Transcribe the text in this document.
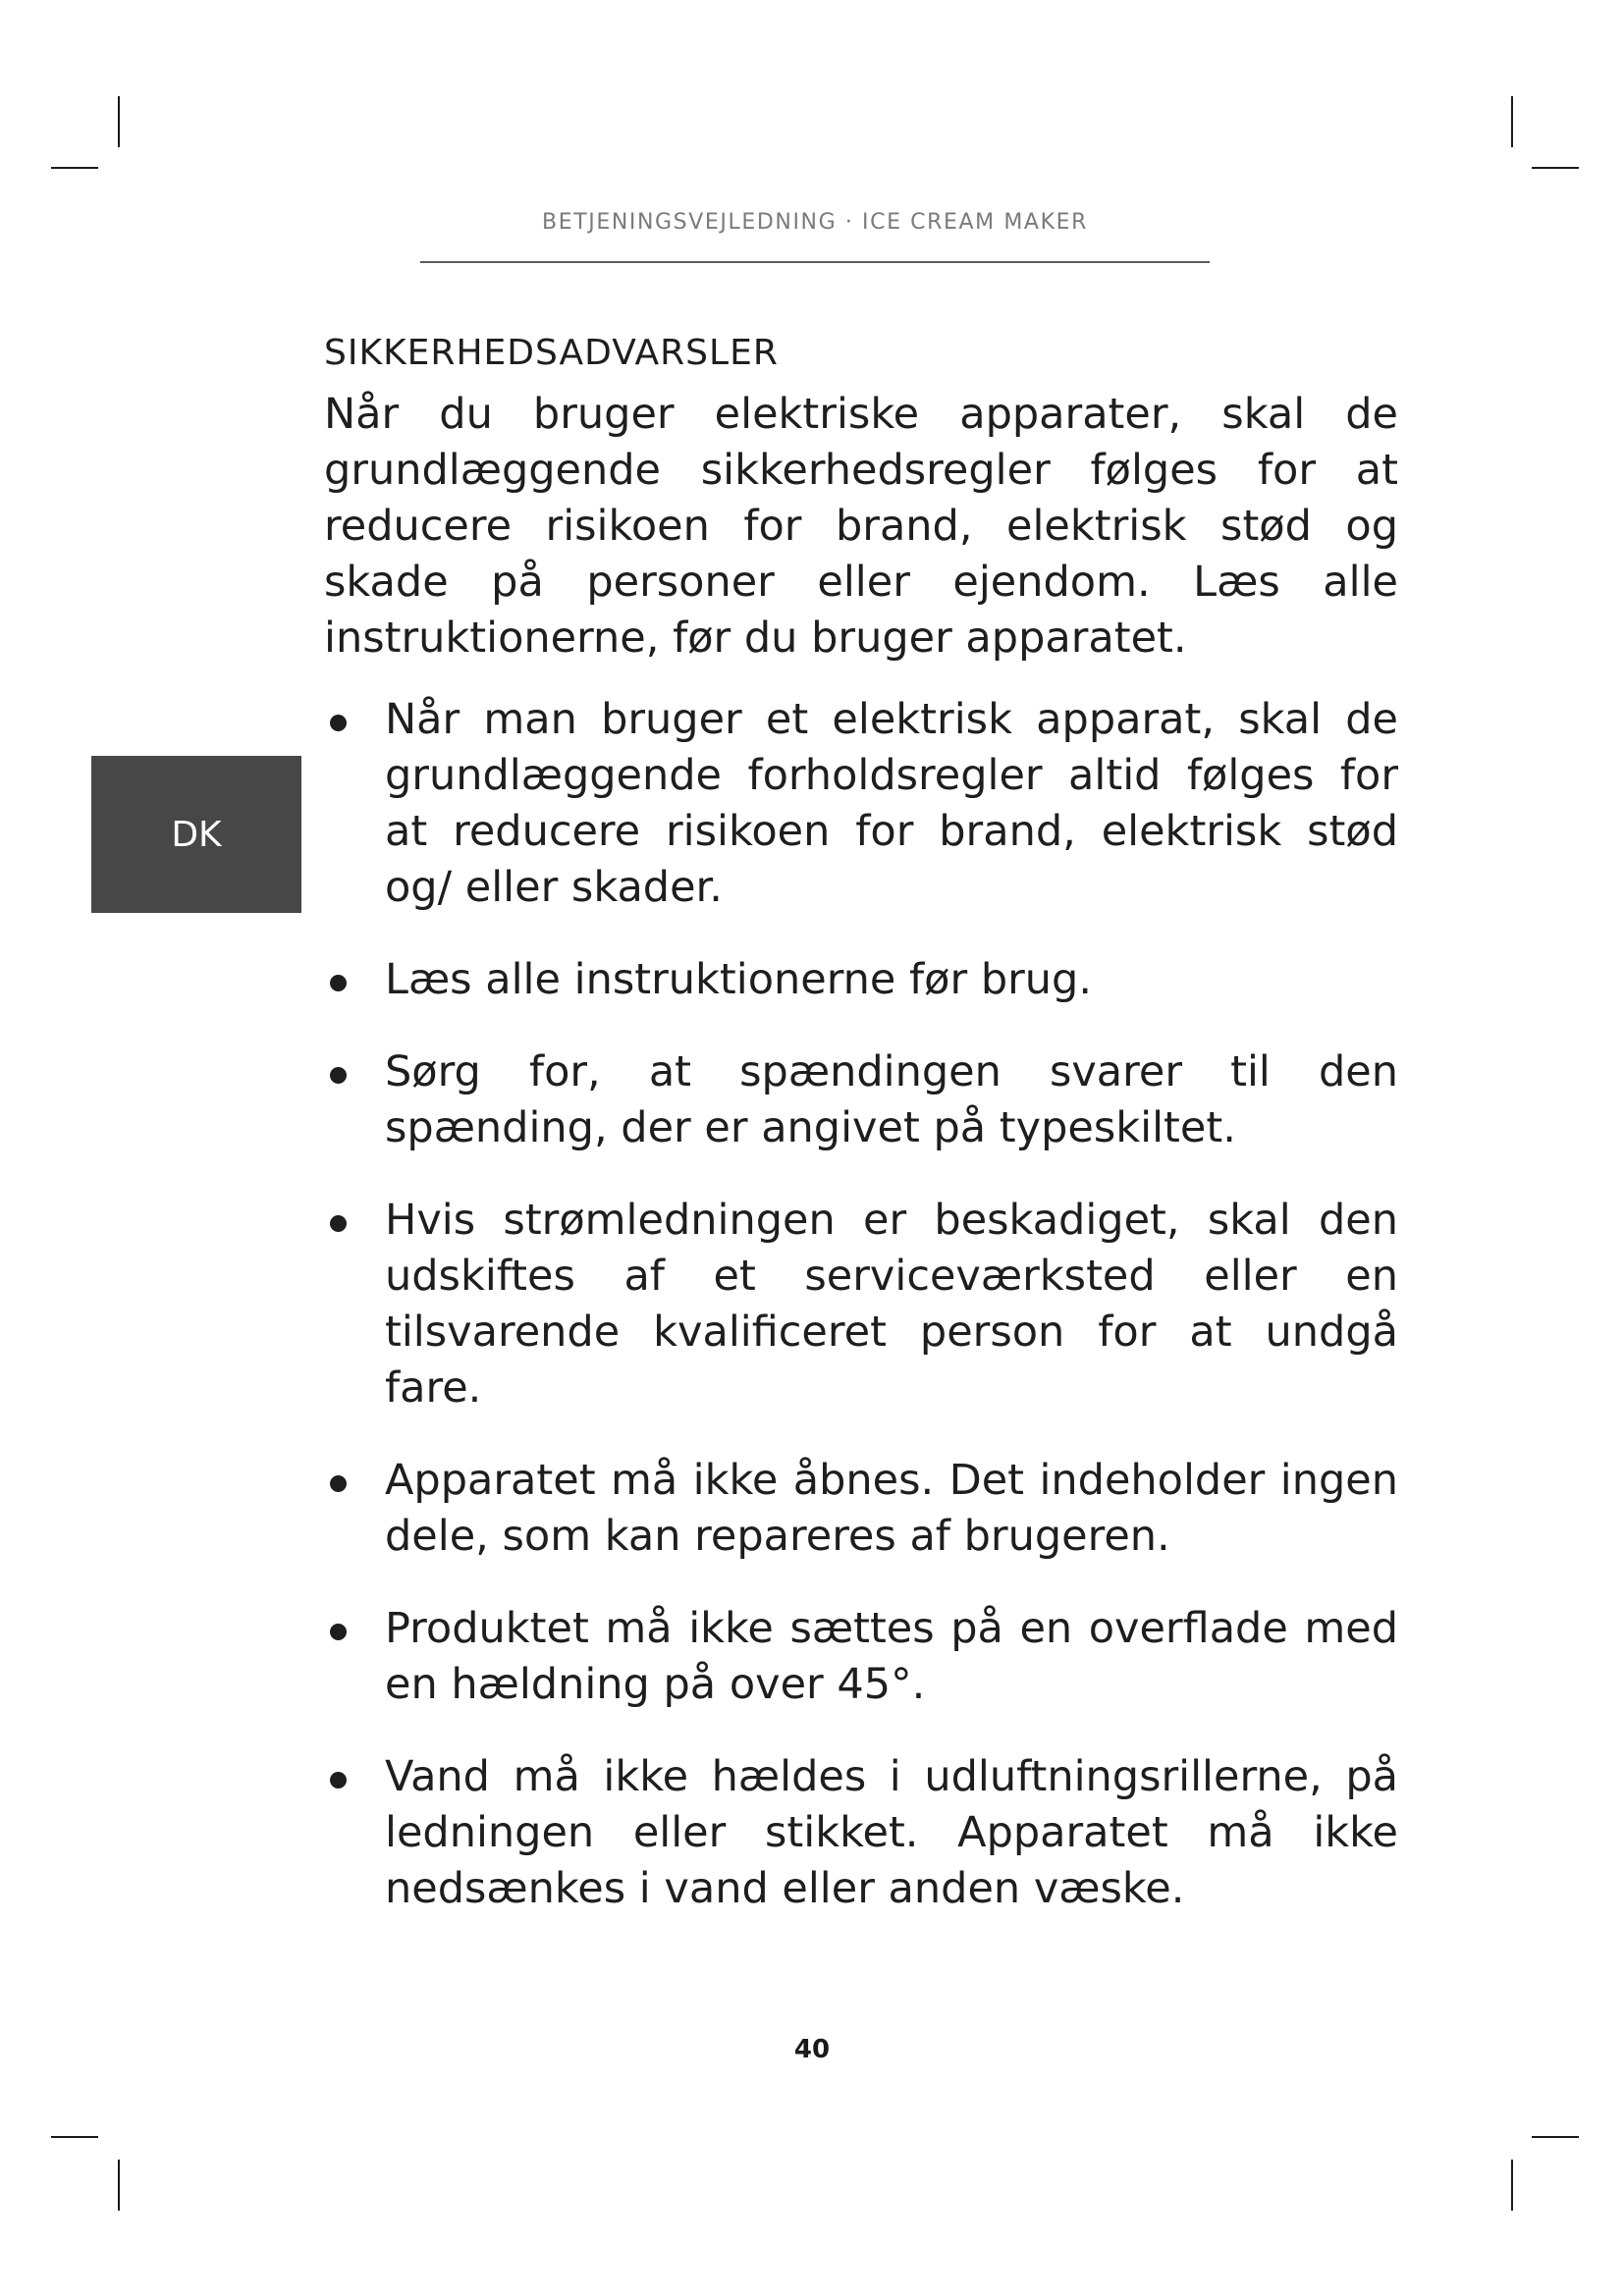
BETJENINGSVEJLEDNING · ICE CREAM MAKER
DK
SIKKERHEDSADVARSLER

Når du bruger elektriske apparater, skal de grundlæggende sikkerhedsregler følges for at reducere risikoen for brand, elektrisk stød og skade på personer eller ejendom. Læs alle instruktionerne, før du bruger apparatet.

Når man bruger et elektrisk apparat, skal de grundlæggende forholdsregler altid følges for at reducere risikoen for brand, elektrisk stød og/ eller skader.
Læs alle instruktionerne før brug.
Sørg for, at spændingen svarer til den spænding, der er angivet på typeskiltet.
Hvis strømledningen er beskadiget, skal den udskiftes af et serviceværksted eller en tilsvarende kvalificeret person for at undgå fare.
Apparatet må ikke åbnes. Det indeholder ingen dele, som kan repareres af brugeren.
Produktet må ikke sættes på en overflade med en hældning på over 45°.
Vand må ikke hældes i udluftningsrillerne, på ledningen eller stikket. Apparatet må ikke nedsænkes i vand eller anden væske.
40
